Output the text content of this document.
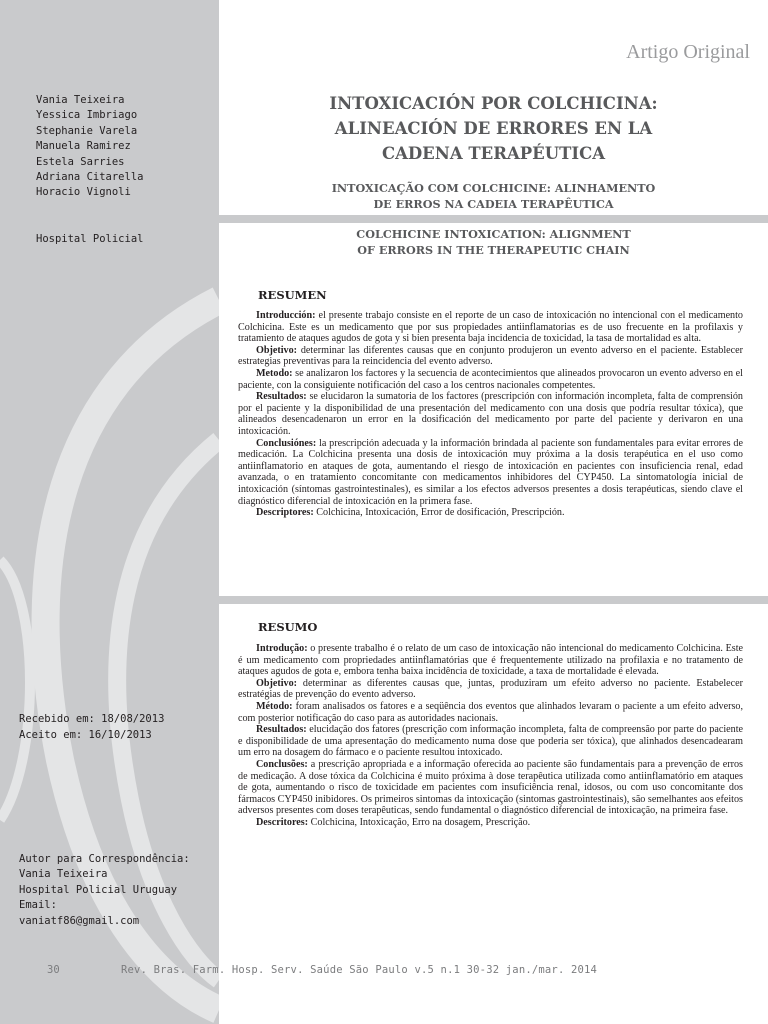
Vania Teixeira
Yessica Imbriago
Stephanie Varela
Manuela Ramirez
Estela Sarries
Adriana Citarella
Horacio Vignoli
Hospital Policial
Recebido em: 18/08/2013
Aceito em: 16/10/2013
Autor para Correspondência:
Vania Teixeira
Hospital Policial Uruguay
Email:
vaniatf86@gmail.com
30
Artigo Original
INTOXICACIÓN POR COLCHICINA:
ALINEACIÓN DE ERRORES EN LA
CADENA TERAPÉUTICA
INTOXICAÇÃO COM COLCHICINE: ALINHAMENTO
DE ERROS NA CADEIA TERAPÊUTICA
COLCHICINE INTOXICATION: ALIGNMENT
OF ERRORS IN THE THERAPEUTIC CHAIN
RESUMEN

Introducción: el presente trabajo consiste en el reporte de un caso de intoxicación no intencional con el medicamento Colchicina. Este es un medicamento que por sus propiedades antiinflamatorias es de uso frecuente en la profilaxis y tratamiento de ataques agudos de gota y si bien presenta baja incidencia de toxicidad, la tasa de mortalidad es alta.

Objetivo: determinar las diferentes causas que en conjunto produjeron un evento adverso en el paciente. Establecer estrategias preventivas para la reincidencia del evento adverso.

Metodo: se analizaron los factores y la secuencia de acontecimientos que alineados provocaron un evento adverso en el paciente, con la consiguiente notificación del caso a los centros nacionales competentes.

Resultados: se elucidaron la sumatoria de los factores (prescripción con información incompleta, falta de comprensión por el paciente y la disponibilidad de una presentación del medicamento con una dosis que podría resultar tóxica), que alineados desencadenaron un error en la dosificación del medicamento por parte del paciente y derivaron en una intoxicación.

Conclusiónes: la prescripción adecuada y la información brindada al paciente son fundamentales para evitar errores de medicación. La Colchicina presenta una dosis de intoxicación muy próxima a la dosis terapéutica en el uso como antiinflamatorio en ataques de gota, aumentando el riesgo de intoxicación en pacientes con insuficiencia renal, edad avanzada, o en tratamiento concomitante con medicamentos inhibidores del CYP450. La sintomatología inicial de intoxicación (síntomas gastrointestinales), es similar a los efectos adversos presentes a dosis terapéuticas, siendo clave el diagnóstico diferencial de intoxicación en la primera fase.

Descriptores: Colchicina, Intoxicación, Error de dosificación, Prescripción.

RESUMO

Introdução: o presente trabalho é o relato de um caso de intoxicação não intencional do medicamento Colchicina. Este é um medicamento com propriedades antiinflamatórias que é frequentemente utilizado na profilaxia e no tratamento de ataques agudos de gota e, embora tenha baixa incidência de toxicidade, a taxa de mortalidade é elevada.

Objetivo: determinar as diferentes causas que, juntas, produziram um efeito adverso no paciente. Estabelecer estratégias de prevenção do evento adverso.

Método: foram analisados os fatores e a seqüência dos eventos que alinhados levaram o paciente a um efeito adverso, com posterior notificação do caso para as autoridades nacionais.

Resultados: elucidação dos fatores (prescrição com informação incompleta, falta de compreensão por parte do paciente e disponibilidade de uma apresentação do medicamento numa dose que poderia ser tóxica), que alinhados desencadearam um erro na dosagem do fármaco e o paciente resultou intoxicado.

Conclusões: a prescrição apropriada e a informação oferecida ao paciente são fundamentais para a prevenção de erros de medicação. A dose tóxica da Colchicina é muito próxima à dose terapêutica utilizada como antiinflamatório em ataques de gota, aumentando o risco de toxicidade em pacientes com insuficiência renal, idosos, ou com uso concomitante dos fármacos CYP450 inibidores. Os primeiros sintomas da intoxicação (sintomas gastrointestinais), são semelhantes aos efeitos adversos presentes com doses terapêuticas, sendo fundamental o diagnóstico diferencial de intoxicação, na primeira fase.

Descritores: Colchicina, Intoxicação, Erro na dosagem, Prescrição.

Rev. Bras. Farm. Hosp. Serv. Saúde São Paulo v.5 n.1 30-32 jan./mar. 2014
